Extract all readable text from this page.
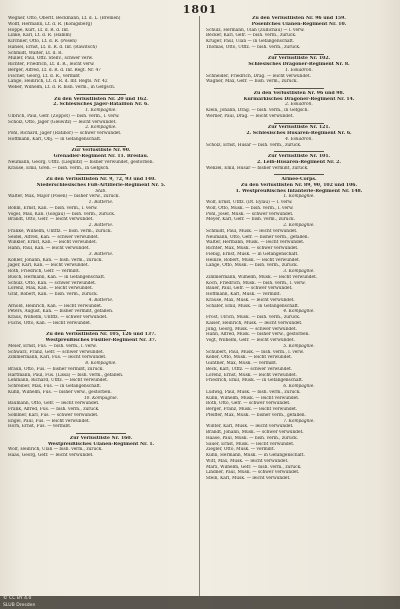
1801
Wegner, Otto, Oberlt. Beckmann, Lt. d. L. (Bremen)
Wolff, Hermann, Lt. d. R. (Königsberg)
Hoppe, Kurt, Lt. d. R. d. Inf.
Linke, Karl, Lt. d. R. (Hamm)
Kirchner, Otto, Lt. d. R. (Posen)
Hansel, Ernst, Lt. d. R. d. Inf. (Rawitsch)
Schmidt, Walter, Lt. d. R.
Müller, Paul, Offz. Stellv., schwer verw.
Richter, Friedrich, Lt. d. R., leicht verw.
Berger, Alfred, Lt. d. R. d. Inf. Regt. Nr. 47
Fischer, Georg, Lt. d. R., vermißt
Lange, Heinrich, Lt. d. R. d. Inf. Regts. Nr. 42
Weber, Wilhelm, Lt. d. R. bish. verm., in Gefgsch.
Zu den Verlustlisten Nr. 20 und 162.
2. Schlesisches Jäger-Bataillon Nr. 6.
1. Kompagnie.
Ulbrich, Paul, Gefr. (Zoppot) — bish. verm., l. verw.
Scholz, Otto, Jäger (Gleiwitz) — leicht verwundet.
2. Kompagnie.
Pohl, Richard, Jäger (Ratibor) — schwer verwundet.
Hoffmann, Karl, Obj. — in Gefangenschaft.
Zur Verlustliste Nr. 90.
Grenadier-Regiment Nr. 11. Breslau.
Neumann, Georg, Utffz. (Liegnitz) — bisher verwundet, gestorben.
Krause, Emil, Gren. — bish. verm., in Gefgsch.
Zu den Verlustlisten Nr. 9, 72, 93 und 140.
Niederschlesisches Fuß-Artillerie-Regiment Nr. 5.
Stab.
Walter, Max, Major (Posen) — bisher verw., zurück.
1. Batterie.
Böhm, Ernst, Kan. — bish. verm., l. verw.
Vogel, Max, Kan. (Glogau) — bish. verm., zurück.
Brandt, Otto, Gefr. — leicht verwundet.
2. Batterie.
Franke, Wilhelm, Untffz. — bish. verm., zurück.
Seidel, Alfred, Kan. — schwer verwundet.
Winkler, Ernst, Kan. — leicht verwundet.
Hahn, Paul, Kan. — leicht verwundet.
3. Batterie.
Köhler, Johann, Kan. — bish. verm., zurück.
Jäger, Karl, Kan. — leicht verwundet.
Roth, Friedrich, Gefr. — vermißt.
Busch, Hermann, Kan. — in Gefangenschaft.
Schulz, Otto, Kan. — schwer verwundet.
Lorenz, Max, Kan. — leicht verwundet.
Graf, Robert, Kan. — bish. verm., zurück.
4. Batterie.
Arnold, Heinrich, Kan. — leicht verwundet.
Peters, August, Kan. — bisher vermißt, gefallen.
Kraus, Wilhelm, Untffz. — schwer verwundet.
Fuchs, Otto, Kan. — leicht verwundet.
Zu den Verlustlisten Nr. 105, 126 und 137.
Westpreußisches Füsilier-Regiment Nr. 37.
Meier, Ernst, Füs. — bish. verm., l. verw.
Schwarz, Franz, Gefr. — schwer verwundet.
Zimmermann, Karl, Füs. — leicht verwundet.
8. Kompagnie.
Braun, Otto, Füs. — bisher vermißt, zurück.
Hartmann, Paul, Füs. (Lissa) — bish. verm., gefallen.
Lehmann, Richard, Utffz. — leicht verwundet.
Schreiber, Max, Füs. — in Gefangenschaft.
Kühn, Wilhelm, Füs. — bisher verw., gestorben.
10. Kompagnie.
Baumann, Otto, Gefr. — leicht verwundet.
Frank, Alfred, Füs. — bish. verm., zurück.
Sommer, Karl, Füs. — schwer verwundet.
Engel, Paul, Füs. — leicht verwundet.
Horn, Ernst, Füs. — vermißt.
Zur Verlustliste Nr. 160.
Westpreußisches Ulanen-Regiment Nr. 1.
Wolf, Heinrich, Ulan — bish. verm., zurück.
Haas, Georg, Gefr. — leicht verwundet.
Zu den Verlustlisten Nr. 96 und 159.
Posenfches Ulanen-Regiment Nr. 10.
Schulz, Hermann, Ulan (Züllichau) — l. verw.
Becker, Karl, Gefr. — bish. verm., zurück.
Krüger, Paul, Ulan — in Gefangenschaft.
Thomas, Otto, Utffz. — bish. verm., zurück.
Zur Verlustliste Nr. 102.
Schlesisches Dragoner-Regiment Nr. 8.
1. Eskadron.
Schneider, Friedrich, Drag. — leicht verwundet.
Wagner, Max, Gefr. — bish. verm., zurück.
Zu den Verlustlisten Nr. 96 und 98.
Kurmärkisches Dragoner-Regiment Nr. 14.
2. Eskadron.
Klein, Johann, Drag. — bish. verm., in Gefgsch.
Werner, Paul, Drag. — leicht verwundet.
Zur Verlustliste Nr. 121.
2. Schlesisches Husaren-Regiment Nr. 6.
4. Eskadron.
Scholz, Ernst, Husar — bish. verm., zurück.
Zur Verlustliste Nr. 101.
2. Leib-Husaren-Regiment Nr. 2.
Wenzel, Emil, Husar — bisher vermißt, zurück.
Armee-Corps.
Zu den Verlustlisten Nr. 89, 90, 102 und 106.
1. Westpreußisches Infanterie-Regiment Nr. 148.
1. Kompagnie.
Wolf, Ernst, Utffz. (Dt. Eylau) — l. verw.
Wolf, Otto, Musk. — bish. verm., l. verw.
Pohl, Josef, Musk. — schwer verwundet.
Meyer, Karl, Gefr. — bish. verm., zurück.
2. Kompagnie.
Schmidt, Paul, Musk. — leicht verwundet.
Neumann, Otto, Gefr. — bisher verm., gefallen.
Walter, Hermann, Musk. — leicht verwundet.
Richter, Max, Musk. — schwer verwundet.
Fiebig, Ernst, Musk. — in Gefangenschaft.
Heinze, Robert, Musk. — leicht verwundet.
Lange, Otto, Musk. — bish. verm., zurück.
3. Kompagnie.
Zimmermann, Wilhelm, Musk. — leicht verwundet.
Koch, Friedrich, Musk. — bish. verm., l. verw.
Bauer, Paul, Gefr. — schwer verwundet.
Hoffmann, Karl, Musk. — vermißt.
Krause, Max, Musk. — leicht verwundet.
Schäfer, Emil, Musk. — in Gefangenschaft.
4. Kompagnie.
Frost, Ulrich, Musk. — bish. verm., zurück.
Kaiser, Heinrich, Musk. — leicht verwundet.
Jung, Georg, Musk. — schwer verwundet.
Hahn, Alfred, Musk. — bisher verw., gestorben.
Vogt, Wilhelm, Gefr. — leicht verwundet.
5. Kompagnie.
Schubert, Paul, Musk. — bish. verm., l. verw.
Keller, Otto, Musk. — leicht verwundet.
Günther, Max, Musk. — vermißt.
Beck, Karl, Utffz. — schwer verwundet.
Lorenz, Ernst, Musk. — leicht verwundet.
Friedrich, Emil, Musk. — in Gefangenschaft.
6. Kompagnie.
Ludwig, Paul, Musk. — bish. verm., zurück.
Kuhn, Wilhelm, Musk. — leicht verwundet.
Roth, Otto, Gefr. — schwer verwundet.
Berger, Franz, Musk. — leicht verwundet.
Pfeiffer, Max, Musk. — bisher verm., gefallen.
7. Kompagnie.
Winter, Karl, Musk. — leicht verwundet.
Brandt, Johann, Musk. — schwer verwundet.
Haase, Paul, Musk. — bish. verm., zurück.
Sauer, Ernst, Musk. — leicht verwundet.
Ziegler, Otto, Musk. — vermißt.
Kühn, Hermann, Musk. — in Gefangenschaft.
Witt, Max, Musk. — leicht verwundet.
Marx, Wilhelm, Gefr. — bish. verm., zurück.
Lindner, Paul, Musk. — schwer verwundet.
Stein, Karl, Musk. — leicht verwundet.
© CC BY 4.0
SLUB Dresden
